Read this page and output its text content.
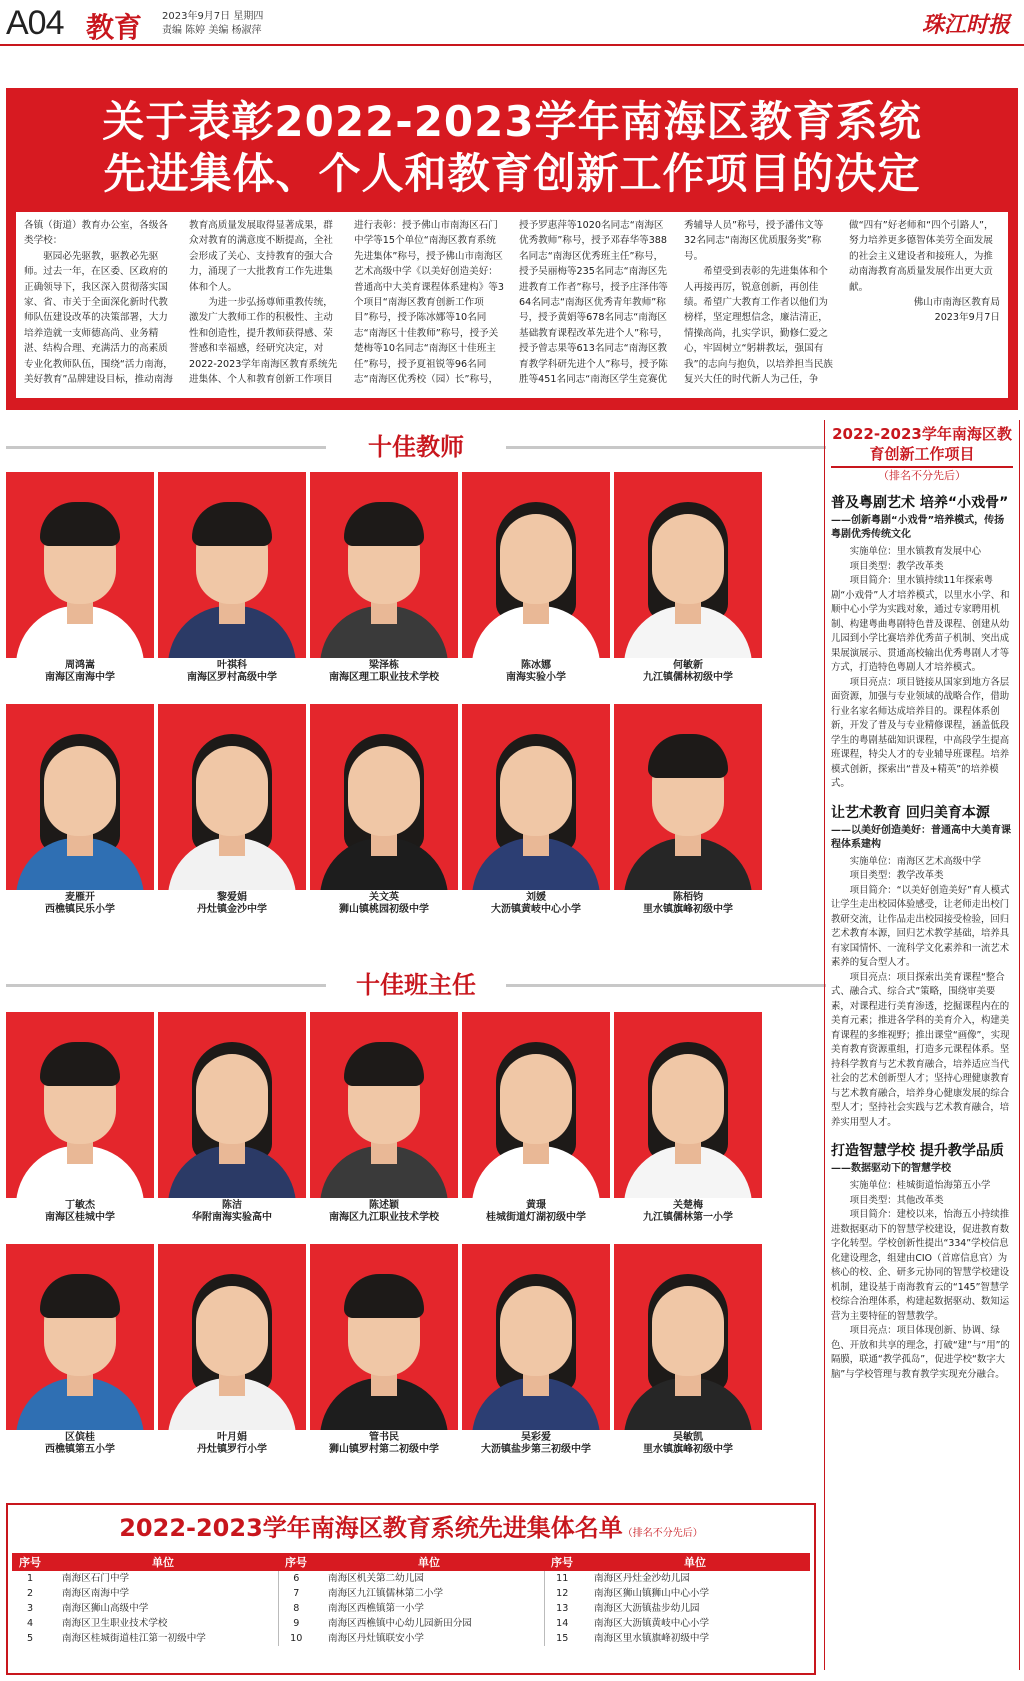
A04 教育 2023年9月7日 星期四
责编 陈婷 美编 杨淑萍	珠江时报
关于表彰2022-2023学年南海区教育系统
先进集体、个人和教育创新工作项目的决定

各镇（街道）教育办公室，各级各类学校：

驱园必先驱教，驱教必先驱师。过去一年，在区委、区政府的正确领导下，我区深入贯彻落实国家、省、市关于全面深化新时代教师队伍建设改革的决策部署，大力培养造就一支师德高尚、业务精湛、结构合理、充满活力的高素质专业化教师队伍，围绕“活力南海，美好教育”品牌建设目标，推动南海教育高质量发展取得显著成果，群众对教育的满意度不断提高，全社会形成了关心、支持教育的强大合力，涌现了一大批教育工作先进集体和个人。

为进一步弘扬尊师重教传统，激发广大教师工作的积极性、主动性和创造性，提升教师获得感、荣誉感和幸福感，经研究决定，对2022-2023学年南海区教育系统先进集体、个人和教育创新工作项目进行表彰：授予佛山市南海区石门中学等15个单位“南海区教育系统先进集体”称号，授予佛山市南海区艺术高级中学《以美好创造美好：普通高中大美育课程体系建构》等3个项目“南海区教育创新工作项目”称号，授予陈冰娜等10名同志“南海区十佳教师”称号，授予关楚梅等10名同志“南海区十佳班主任”称号，授予夏祖锐等96名同志“南海区优秀校（园）长”称号，授予罗惠萍等1020名同志“南海区优秀教师”称号，授予邓春华等388名同志“南海区优秀班主任”称号，授予吴丽梅等235名同志“南海区先进教育工作者”称号，授予庄泽伟等64名同志“南海区优秀青年教师”称号，授予黄娟等678名同志“南海区基础教育课程改革先进个人”称号，授予曾志果等613名同志“南海区教育教学科研先进个人”称号，授予陈胜等451名同志“南海区学生竞赛优秀辅导人员”称号，授予潘伟文等32名同志“南海区优质服务奖”称号。

希望受到表彰的先进集体和个人再接再厉，锐意创新，再创佳绩。希望广大教育工作者以他们为榜样，坚定理想信念，廉洁清正，情操高尚，扎实学识，勤修仁爱之心，牢固树立“躬耕教坛，强国有我”的志向与抱负，以培养担当民族复兴大任的时代新人为己任，争做“四有”好老师和“四个引路人”，努力培养更多德智体美劳全面发展的社会主义建设者和接班人，为推动南海教育高质量发展作出更大贡献。

佛山市南海区教育局

2023年9月7日

十佳教师
周鸿嵩
南海区南海中学
叶祺科
南海区罗村高级中学
梁泽栋
南海区理工职业技术学校
陈冰娜
南海实验小学
何敏新
九江镇儒林初级中学
麦雁开
西樵镇民乐小学
黎爱娟
丹灶镇金沙中学
关文英
狮山镇桃园初级中学
刘媛
大沥镇黄岐中心小学
陈栢钧
里水镇旗峰初级中学
十佳班主任
丁敏杰
南海区桂城中学
陈洁
华附南海实验高中
陈述颖
南海区九江职业技术学校
黄璟
桂城街道灯湖初级中学
关楚梅
九江镇儒林第一小学
区傧桂
西樵镇第五小学
叶月娟
丹灶镇罗行小学
管书民
狮山镇罗村第二初级中学
吴彩爱
大沥镇盐步第三初级中学
吴敏凯
里水镇旗峰初级中学
2022-2023学年南海区教育创新工作项目
（排名不分先后）
普及粤剧艺术 培养“小戏骨”
——创新粤剧“小戏骨”培养模式，传扬粤剧优秀传统文化

实施单位：里水镇教育发展中心

项目类型：教学改革类

项目简介：里水镇持续11年探索粤剧“小戏骨”人才培养模式，以里水小学、和顺中心小学为实践对象，通过专家聘用机制、构建粤曲粤剧特色普及课程、创建从幼儿园到小学比赛培养优秀苗子机制、突出成果展演展示、贯通高校输出优秀粤剧人才等方式，打造特色粤剧人才培养模式。

项目亮点：项目链接从国家到地方各层面资源，加强与专业领域的战略合作，借助行业名家名师达成培养目的。课程体系创新，开发了普及与专业精修课程，涵盖低段学生的粤剧基础知识课程，中高段学生提高班课程，特尖人才的专业辅导班课程。培养模式创新，探索出“普及+精英”的培养模式。

让艺术教育 回归美育本源
——以美好创造美好：普通高中大美育课程体系建构

实施单位：南海区艺术高级中学

项目类型：教学改革类

项目简介：“以美好创造美好”育人模式让学生走出校园体验感受，让老师走出校门教研交流，让作品走出校园接受检验，回归艺术教育本源，回归艺术教学基础，培养具有家国情怀、一流科学文化素养和一流艺术素养的复合型人才。

项目亮点：项目探索出美育课程“整合式、融合式、综合式”策略，围绕审美要素，对课程进行美育渗透，挖掘课程内在的美育元素；推进各学科的美育介入，构建美育课程的多维视野；推出课堂“画像”，实现美育教育资源重组，打造多元课程体系。坚持科学教育与艺术教育融合，培养适应当代社会的艺术创新型人才；坚持心理健康教育与艺术教育融合，培养身心健康发展的综合型人才；坚持社会实践与艺术教育融合，培养实用型人才。

打造智慧学校 提升教学品质
——数据驱动下的智慧学校

实施单位：桂城街道怡海第五小学

项目类型：其他改革类

项目简介：建校以来，怡海五小持续推进数据驱动下的智慧学校建设，促进教育数字化转型。学校创新性提出“334”学校信息化建设理念，组建由CIO（首席信息官）为核心的校、企、研多元协同的智慧学校建设机制，建设基于南海教育云的“145”智慧学校综合治理体系，构建起数据驱动、数知运营为主要特征的智慧教学。

项目亮点：项目体现创新、协调、绿色、开放和共享的理念，打破“建”与“用”的隔膜，联通“教学孤岛”，促进学校“数字大脑”与学校管理与教育教学实现充分融合。

2022-2023学年南海区教育系统先进集体名单（排名不分先后）
序号	单位	序号	单位	序号	单位
1	南海区石门中学	6	南海区机关第二幼儿园	11	南海区丹灶金沙幼儿园
2	南海区南海中学	7	南海区九江镇儒林第二小学	12	南海区狮山镇狮山中心小学
3	南海区狮山高级中学	8	南海区西樵镇第一小学	13	南海区大沥镇盐步幼儿园
4	南海区卫生职业技术学校	9	南海区西樵镇中心幼儿园新田分园	14	南海区大沥镇黄岐中心小学
5	南海区桂城街道桂江第一初级中学	10	南海区丹灶镇联安小学	15	南海区里水镇旗峰初级中学
